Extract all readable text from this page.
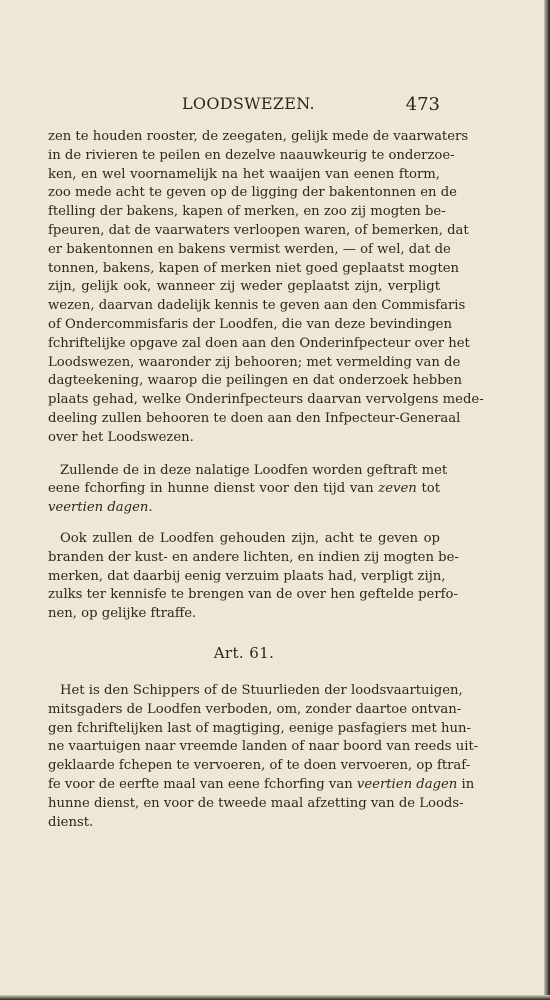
LOODSWEZEN.	473
zen te houden rooster, de zeegaten, gelijk mede de vaarwaters
in de rivieren te peilen en dezelve naauwkeurig te onderzoe-
ken, en wel voornamelijk na het waaijen van eenen ftorm,
zoo mede acht te geven op de ligging der bakentonnen en de
ftelling der bakens, kapen of merken, en zoo zij mogten be-
fpeuren, dat de vaarwaters verloopen waren, of bemerken, dat
er bakentonnen en bakens vermist werden, — of wel, dat de
tonnen, bakens, kapen of merken niet goed geplaatst mogten
zijn, gelijk ook, wanneer zij weder geplaatst zijn, verpligt
wezen, daarvan dadelijk kennis te geven aan den Commisfaris
of Ondercommisfaris der Loodfen, die van deze bevindingen
fchriftelijke opgave zal doen aan den Onderinfpecteur over het
Loodswezen, waaronder zij behooren; met vermelding van de
dagteekening, waarop die peilingen en dat onderzoek hebben
plaats gehad, welke Onderinfpecteurs daarvan vervolgens mede-
deeling zullen behooren te doen aan den Infpecteur-Generaal
over het Loodswezen.
Zullende de in deze nalatige Loodfen worden geftraft met
eene fchorfing in hunne dienst voor den tijd van zeven tot
veertien dagen.
Ook zullen de Loodfen gehouden zijn, acht te geven op
branden der kust- en andere lichten, en indien zij mogten be-
merken, dat daarbij eenig verzuim plaats had, verpligt zijn,
zulks ter kennisfe te brengen van de over hen geftelde perfo-
nen, op gelijke ftraffe.
Art. 61.
Het is den Schippers of de Stuurlieden der loodsvaartuigen,
mitsgaders de Loodfen verboden, om, zonder daartoe ontvan-
gen fchriftelijken last of magtiging, eenige pasfagiers met hun-
ne vaartuigen naar vreemde landen of naar boord van reeds uit-
geklaarde fchepen te vervoeren, of te doen vervoeren, op ftraf-
fe voor de eerfte maal van eene fchorfing van veertien dagen in
hunne dienst, en voor de tweede maal afzetting van de Loods-
dienst.
